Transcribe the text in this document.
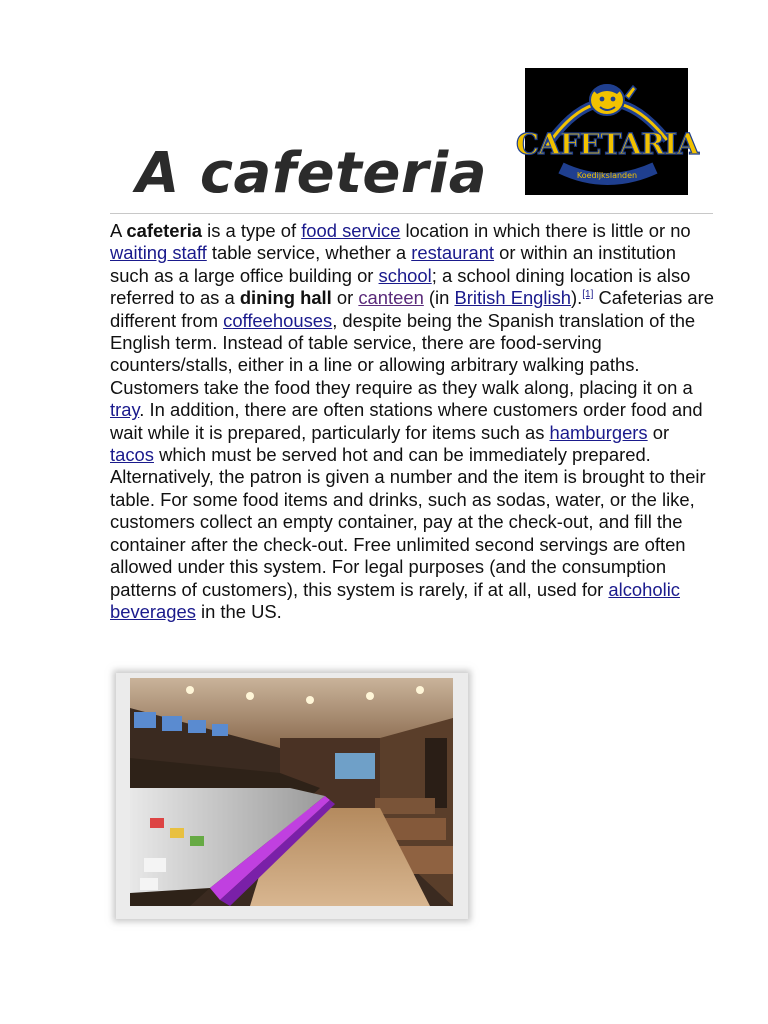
A cafeteria CAFETARIA
Koedijkslanden

A cafeteria is a type of food service location in which there is little or no waiting staff table service, whether a restaurant or within an institution such as a large office building or school; a school dining location is also referred to as a dining hall or canteen (in British English).[1] Cafeterias are different from coffeehouses, despite being the Spanish translation of the English term. Instead of table service, there are food-serving counters/stalls, either in a line or allowing arbitrary walking paths. Customers take the food they require as they walk along, placing it on a tray. In addition, there are often stations where customers order food and wait while it is prepared, particularly for items such as hamburgers or tacos which must be served hot and can be immediately prepared. Alternatively, the patron is given a number and the item is brought to their table. For some food items and drinks, such as sodas, water, or the like, customers collect an empty container, pay at the check-out, and fill the container after the check-out. Free unlimited second servings are often allowed under this system. For legal purposes (and the consumption patterns of customers), this system is rarely, if at all, used for alcoholic beverages in the US.
